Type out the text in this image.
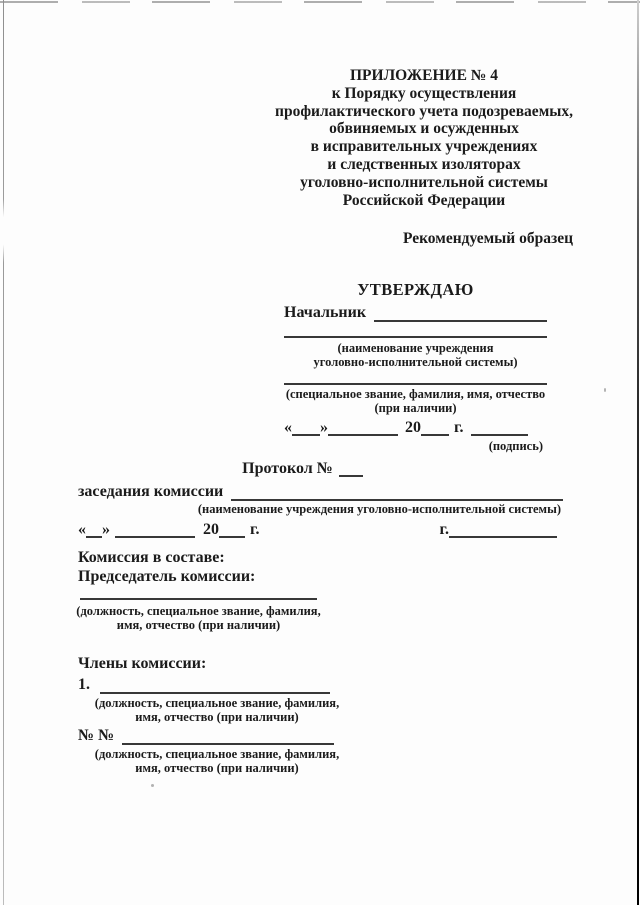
ПРИЛОЖЕНИЕ № 4
к Порядку осуществления
профилактического учета подозреваемых,
обвиняемых и осужденных
в исправительных учреждениях
и следственных изоляторах
уголовно-исполнительной системы
Российской Федерации
Рекомендуемый образец
УТВЕРЖДАЮ
Начальник
(наименование учреждения
уголовно-исполнительной системы)
(специальное звание, фамилия, имя, отчество
(при наличии)
« »	20 г.
(подпись)
Протокол №
заседания комиссии
(наименование учреждения уголовно-исполнительной системы)
« »	20 г.	г.
Комиссия в составе:
Председатель комиссии:
(должность, специальное звание, фамилия,
имя, отчество (при наличии)
Члены комиссии:
1.
(должность, специальное звание, фамилия,
имя, отчество (при наличии)
№ №
(должность, специальное звание, фамилия,
имя, отчество (при наличии)
